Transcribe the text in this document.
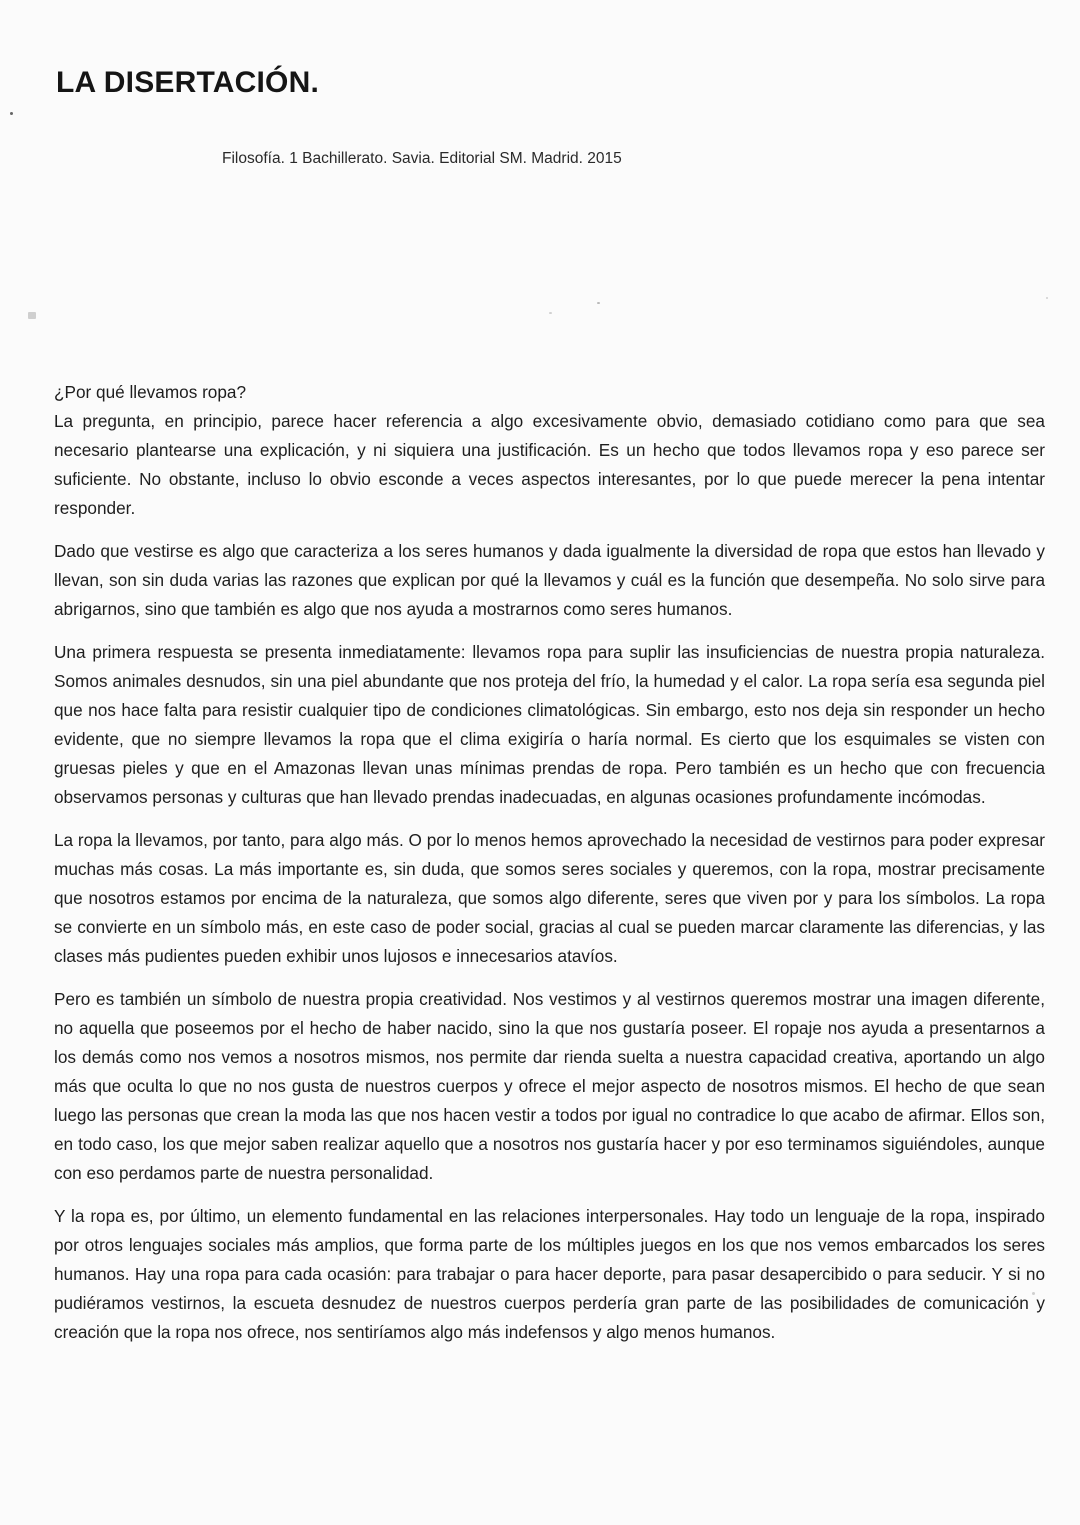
LA DISERTACIÓN.
Filosofía. 1 Bachillerato. Savia. Editorial SM. Madrid. 2015

¿Por qué llevamos ropa?

La pregunta, en principio, parece hacer referencia a algo excesivamente obvio, demasiado cotidiano como para que sea necesario plantearse una explicación, y ni siquiera una justificación. Es un hecho que todos llevamos ropa y eso parece ser suficiente. No obstante, incluso lo obvio esconde a veces aspectos interesantes, por lo que puede merecer la pena intentar responder.

Dado que vestirse es algo que caracteriza a los seres humanos y dada igualmente la diversidad de ropa que estos han llevado y llevan, son sin duda varias las razones que explican por qué la llevamos y cuál es la función que desempeña. No solo sirve para abrigarnos, sino que también es algo que nos ayuda a mostrarnos como seres humanos.

Una primera respuesta se presenta inmediatamente: llevamos ropa para suplir las insuficiencias de nuestra propia naturaleza. Somos animales desnudos, sin una piel abundante que nos proteja del frío, la humedad y el calor. La ropa sería esa segunda piel que nos hace falta para resistir cualquier tipo de condiciones climatológicas. Sin embargo, esto nos deja sin responder un hecho evidente, que no siempre llevamos la ropa que el clima exigiría o haría normal. Es cierto que los esquimales se visten con gruesas pieles y que en el Amazonas llevan unas mínimas prendas de ropa. Pero también es un hecho que con frecuencia observamos personas y culturas que han llevado prendas inadecuadas, en algunas ocasiones profundamente incómodas.

La ropa la llevamos, por tanto, para algo más. O por lo menos hemos aprovechado la necesidad de vestirnos para poder expresar muchas más cosas. La más importante es, sin duda, que somos seres sociales y queremos, con la ropa, mostrar precisamente que nosotros estamos por encima de la naturaleza, que somos algo diferente, seres que viven por y para los símbolos. La ropa se convierte en un símbolo más, en este caso de poder social, gracias al cual se pueden marcar claramente las diferencias, y las clases más pudientes pueden exhibir unos lujosos e innecesarios atavíos.

Pero es también un símbolo de nuestra propia creatividad. Nos vestimos y al vestirnos queremos mostrar una imagen diferente, no aquella que poseemos por el hecho de haber nacido, sino la que nos gustaría poseer. El ropaje nos ayuda a presentarnos a los demás como nos vemos a nosotros mismos, nos permite dar rienda suelta a nuestra capacidad creativa, aportando un algo más que oculta lo que no nos gusta de nuestros cuerpos y ofrece el mejor aspecto de nosotros mismos. El hecho de que sean luego las personas que crean la moda las que nos hacen vestir a todos por igual no contradice lo que acabo de afirmar. Ellos son, en todo caso, los que mejor saben realizar aquello que a nosotros nos gustaría hacer y por eso terminamos siguiéndoles, aunque con eso perdamos parte de nuestra personalidad.

Y la ropa es, por último, un elemento fundamental en las relaciones interpersonales. Hay todo un lenguaje de la ropa, inspirado por otros lenguajes sociales más amplios, que forma parte de los múltiples juegos en los que nos vemos embarcados los seres humanos. Hay una ropa para cada ocasión: para trabajar o para hacer deporte, para pasar desapercibido o para seducir. Y si no pudiéramos vestirnos, la escueta desnudez de nuestros cuerpos perdería gran parte de las posibilidades de comunicación y creación que la ropa nos ofrece, nos sentiríamos algo más indefensos y algo menos humanos.
